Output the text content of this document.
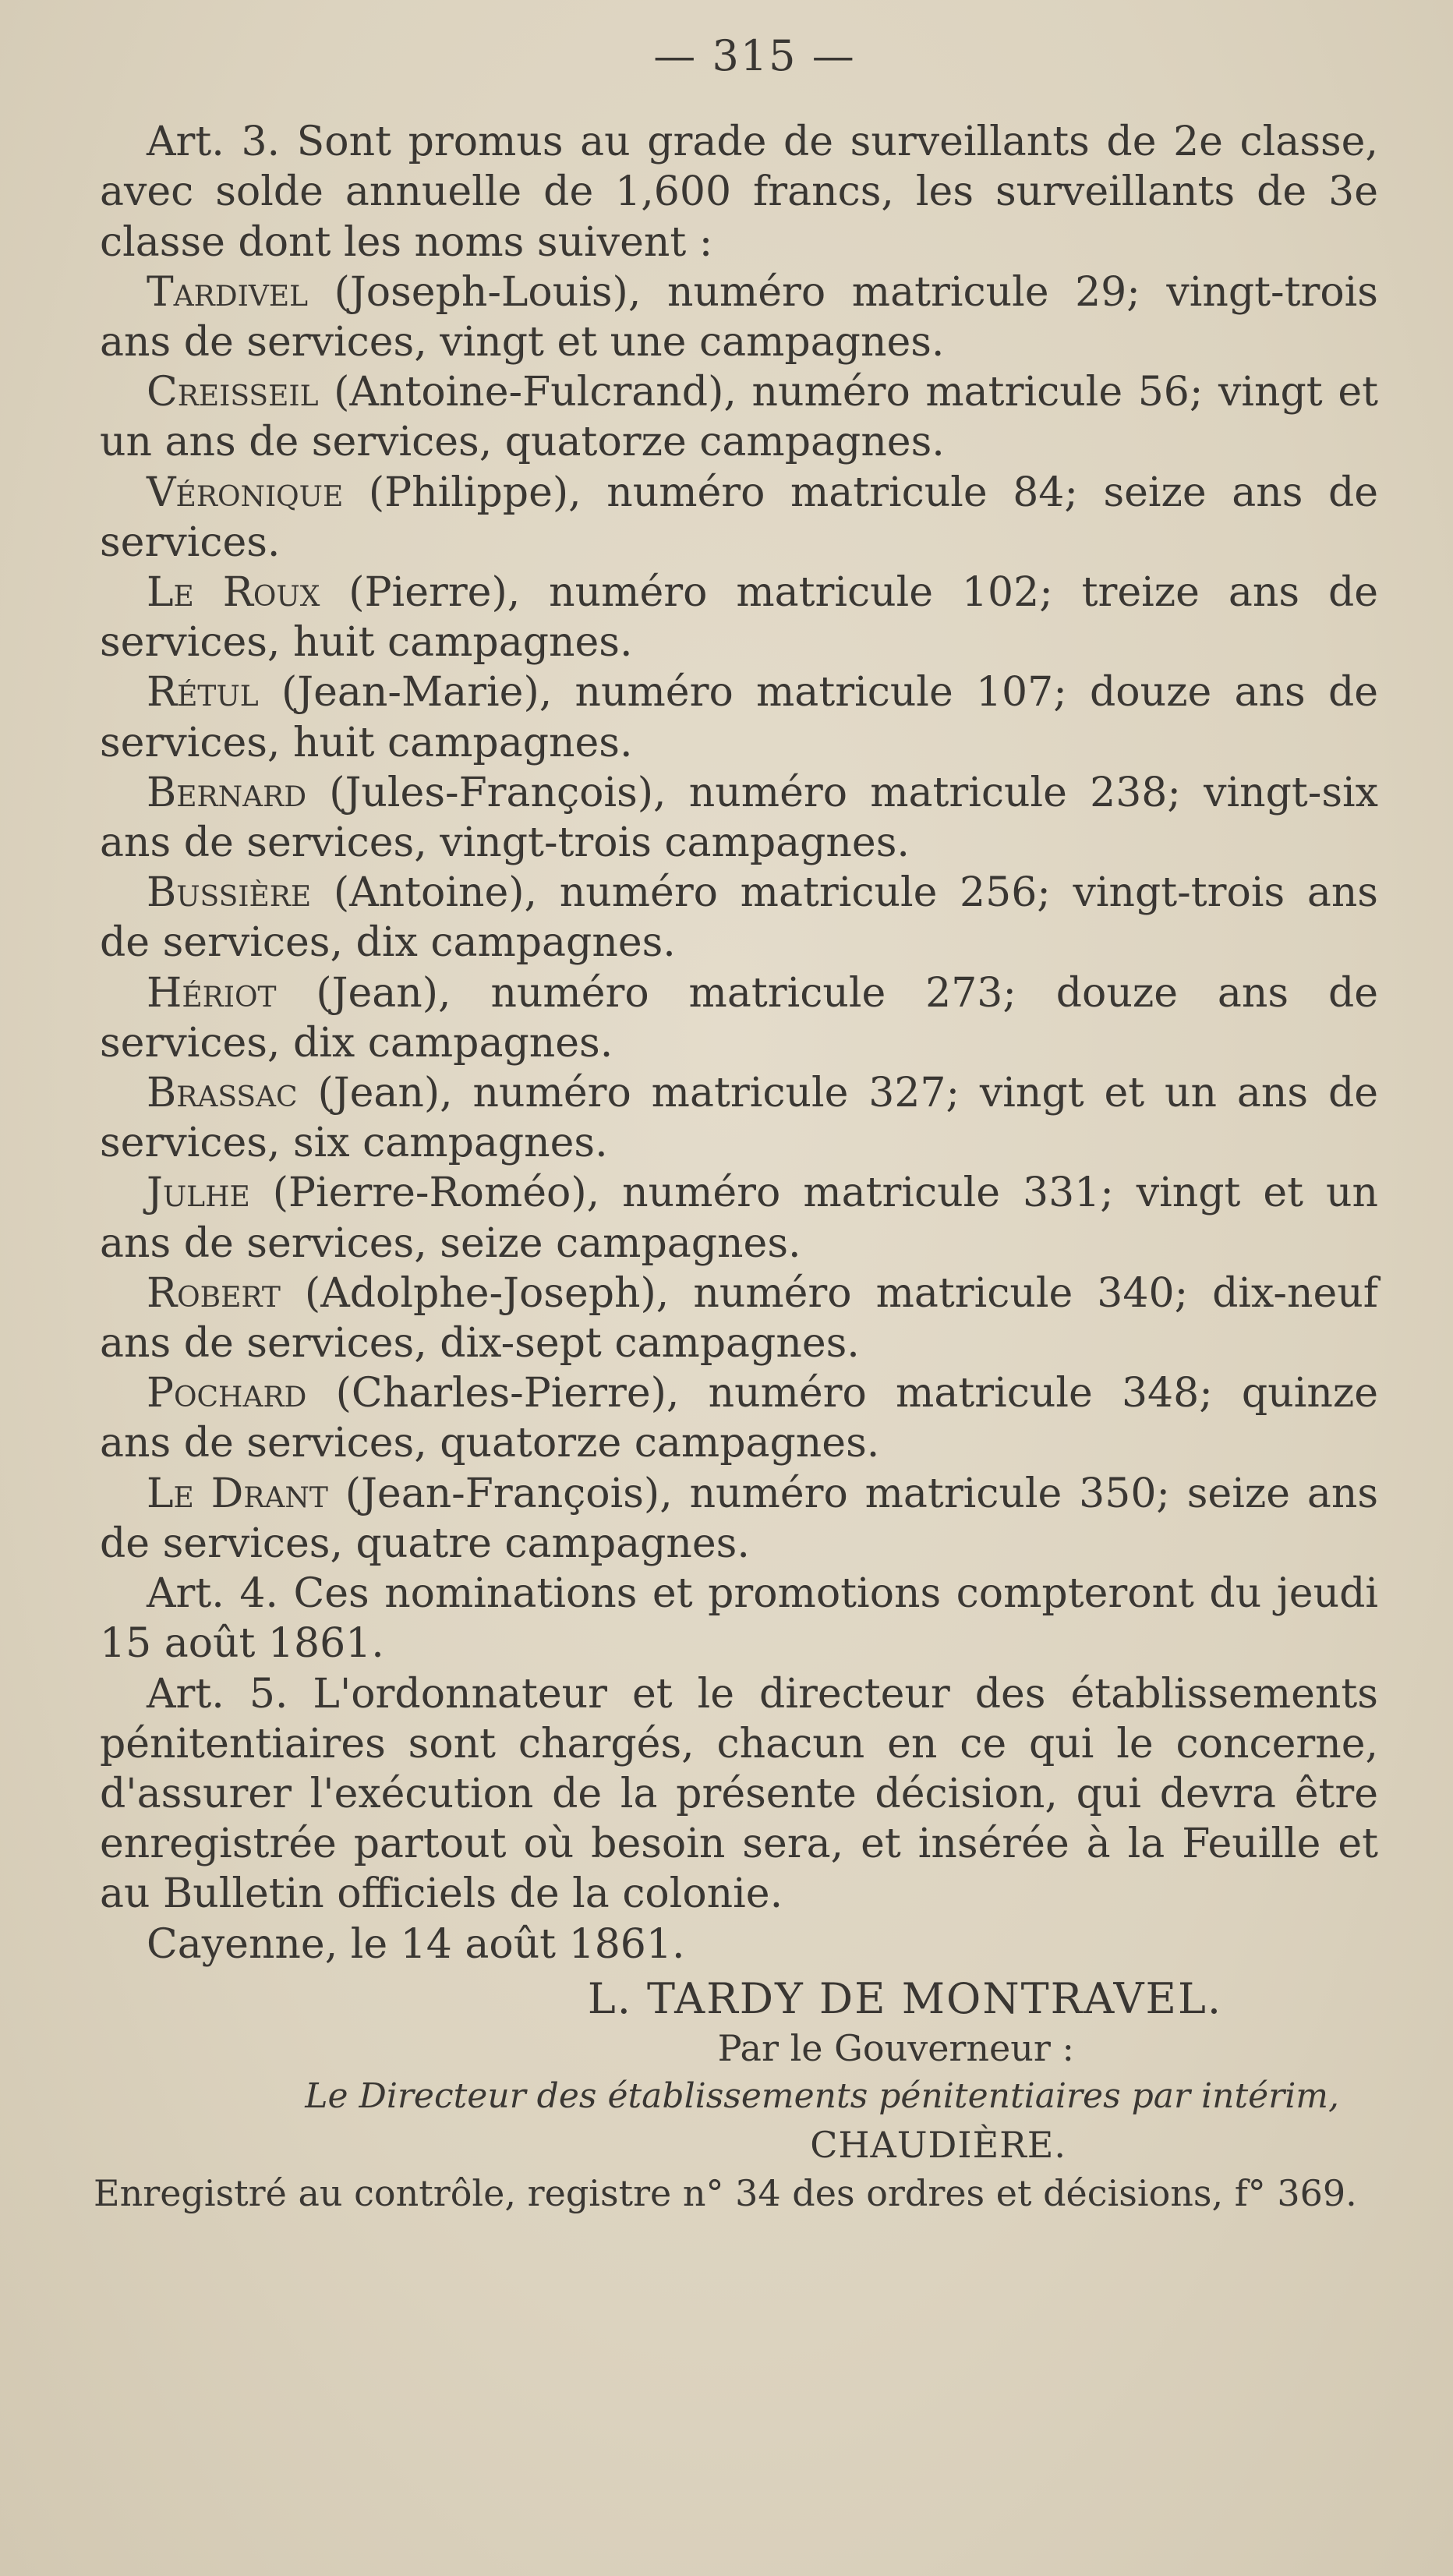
— 315 —

Art. 3. Sont promus au grade de surveillants de 2e classe, avec solde annuelle de 1,600 francs, les surveillants de 3e classe dont les noms suivent :

Tardivel (Joseph-Louis), numéro matricule 29; vingt-trois ans de services, vingt et une campagnes.

Creisseil (Antoine-Fulcrand), numéro matricule 56; vingt et un ans de services, quatorze campagnes.

Véronique (Philippe), numéro matricule 84; seize ans de services.

Le Roux (Pierre), numéro matricule 102; treize ans de services, huit campagnes.

Rétul (Jean-Marie), numéro matricule 107; douze ans de services, huit campagnes.

Bernard (Jules-François), numéro matricule 238; vingt-six ans de services, vingt-trois campagnes.

Bussière (Antoine), numéro matricule 256; vingt-trois ans de services, dix campagnes.

Hériot (Jean), numéro matricule 273; douze ans de services, dix campagnes.

Brassac (Jean), numéro matricule 327; vingt et un ans de services, six campagnes.

Julhe (Pierre-Roméo), numéro matricule 331; vingt et un ans de services, seize campagnes.

Robert (Adolphe-Joseph), numéro matricule 340; dix-neuf ans de services, dix-sept campagnes.

Pochard (Charles-Pierre), numéro matricule 348; quinze ans de services, quatorze campagnes.

Le Drant (Jean-François), numéro matricule 350; seize ans de services, quatre campagnes.

Art. 4. Ces nominations et promotions compteront du jeudi 15 août 1861.

Art. 5. L'ordonnateur et le directeur des établissements pénitentiaires sont chargés, chacun en ce qui le concerne, d'assurer l'exécution de la présente décision, qui devra être enregistrée partout où besoin sera, et insérée à la Feuille et au Bulletin officiels de la colonie.

Cayenne, le 14 août 1861.

L. TARDY DE MONTRAVEL.
Par le Gouverneur :
Le Directeur des établissements pénitentiaires par intérim,
CHAUDIÈRE.
Enregistré au contrôle, registre n° 34 des ordres et décisions, f° 369.
